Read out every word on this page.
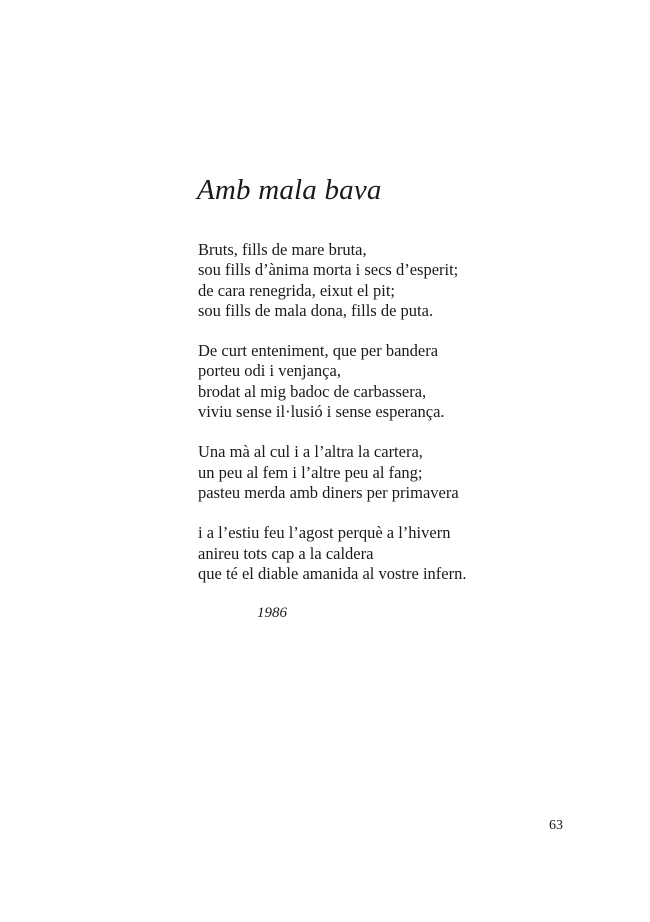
Amb mala bava
Bruts, fills de mare bruta,
sou fills d’ànima morta i secs d’esperit;
de cara renegrida, eixut el pit;
sou fills de mala dona, fills de puta.
De curt enteniment, que per bandera
porteu odi i venjança,
brodat al mig badoc de carbassera,
viviu sense il·lusió i sense esperança.
Una mà al cul i a l’altra la cartera,
un peu al fem i l’altre peu al fang;
pasteu merda amb diners per primavera
i a l’estiu feu l’agost perquè a l’hivern
anireu tots cap a la caldera
que té el diable amanida al vostre infern.
1986
63
